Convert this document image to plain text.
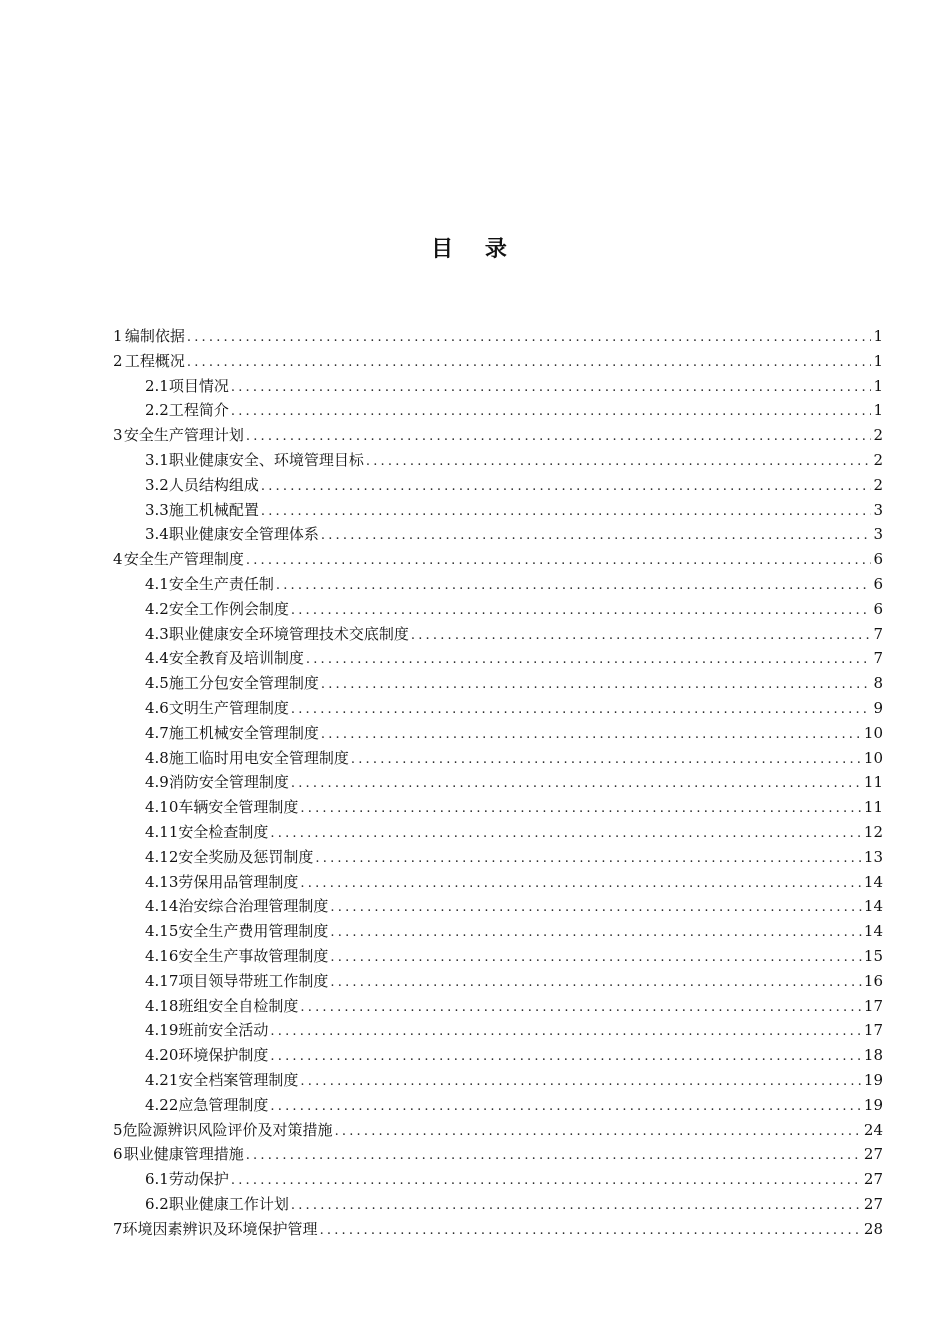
目 录
1 编制依据 .....	1
2 工程概况 .....	1
2.1 项目情况 .....	1
2.2 工程简介 .....	1
3 安全生产管理计划 .....	2
3.1 职业健康安全、环境管理目标 .....	2
3.2 人员结构组成 .....	2
3.3 施工机械配置 .....	3
3.4 职业健康安全管理体系 .....	3
4 安全生产管理制度 .....	6
4.1 安全生产责任制 .....	6
4.2 安全工作例会制度 .....	6
4.3 职业健康安全环境管理技术交底制度 .....	7
4.4 安全教育及培训制度 .....	7
4.5 施工分包安全管理制度 .....	8
4.6 文明生产管理制度 .....	9
4.7 施工机械安全管理制度 .....	10
4.8 施工临时用电安全管理制度 .....	10
4.9 消防安全管理制度 .....	11
4.10 车辆安全管理制度 .....	11
4.11 安全检查制度 .....	12
4.12 安全奖励及惩罚制度 .....	13
4.13 劳保用品管理制度 .....	14
4.14 治安综合治理管理制度 .....	14
4.15 安全生产费用管理制度 .....	14
4.16 安全生产事故管理制度 .....	15
4.17 项目领导带班工作制度 .....	16
4.18 班组安全自检制度 .....	17
4.19 班前安全活动 .....	17
4.20 环境保护制度 .....	18
4.21 安全档案管理制度 .....	19
4.22 应急管理制度 .....	19
5 危险源辨识风险评价及对策措施 .....	24
6 职业健康管理措施 .....	27
6.1 劳动保护 .....	27
6.2 职业健康工作计划 .....	27
7 环境因素辨识及环境保护管理 .....	28
